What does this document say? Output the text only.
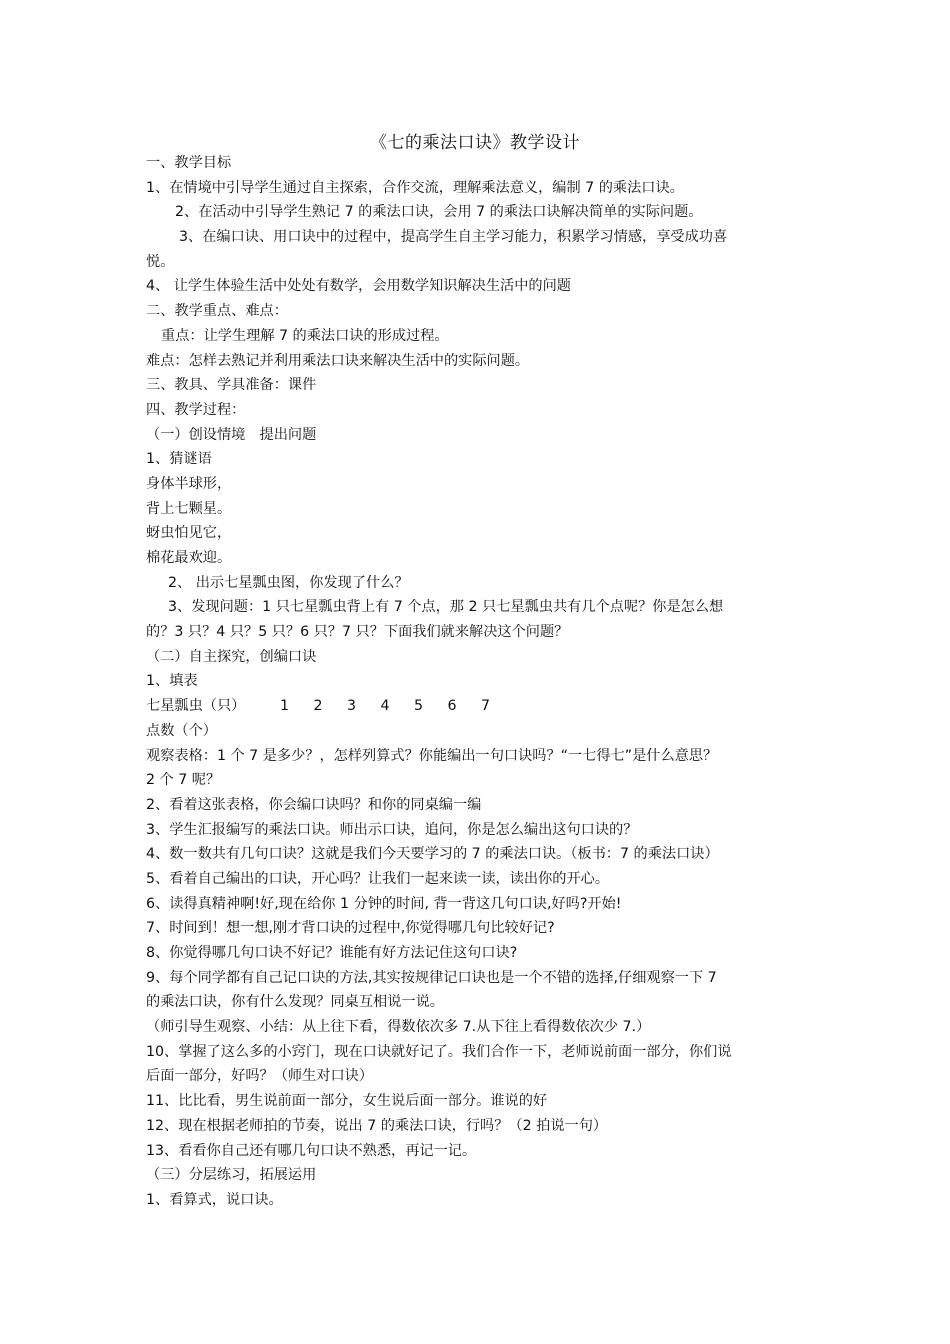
《七的乘法口诀》教学设计
一、教学目标
1、在情境中引导学生通过自主探索，合作交流，理解乘法意义，编制 7 的乘法口诀。
2、在活动中引导学生熟记 7 的乘法口诀，会用 7 的乘法口诀解决简单的实际问题。
3、在编口诀、用口诀中的过程中，提高学生自主学习能力，积累学习情感，享受成功喜
悦。
4、 让学生体验生活中处处有数学，会用数学知识解决生活中的问题
二、教学重点、难点：
重点：让学生理解 7 的乘法口诀的形成过程。
难点：怎样去熟记并利用乘法口诀来解决生活中的实际问题。
三、教具、学具准备：课件
四、教学过程：
（一）创设情境　提出问题
1、猜谜语
身体半球形，
背上七颗星。
蚜虫怕见它，
棉花最欢迎。
2、 出示七星瓢虫图，你发现了什么？
3、发现问题：1 只七星瓢虫背上有 7 个点，那 2 只七星瓢虫共有几个点呢？你是怎么想
的？3 只？4 只？5 只？6 只？7 只？下面我们就来解决这个问题？
（二）自主探究，创编口诀
1、填表
七星瓢虫（只）	1	2	3	4	5	6	7
点数（个）
观察表格：1 个 7 是多少？，怎样列算式？你能编出一句口诀吗？“一七得七”是什么意思？
2 个 7 呢？
2、看着这张表格，你会编口诀吗？和你的同桌编一编
3、学生汇报编写的乘法口诀。师出示口诀，追问，你是怎么编出这句口诀的？
4、数一数共有几句口诀？这就是我们今天要学习的 7 的乘法口诀。（板书：7 的乘法口诀）
5、看着自己编出的口诀，开心吗？让我们一起来读一读，读出你的开心。
6、读得真精神啊!好,现在给你 1 分钟的时间, 背一背这几句口诀,好吗?开始!
7、时间到！想一想,刚才背口诀的过程中,你觉得哪几句比较好记?
8、你觉得哪几句口诀不好记？谁能有好方法记住这句口诀?
9、每个同学都有自己记口诀的方法,其实按规律记口诀也是一个不错的选择,仔细观察一下 7
的乘法口诀，你有什么发现？同桌互相说一说。
（师引导生观察、小结：从上往下看，得数依次多 7.从下往上看得数依次少 7.）
10、掌握了这么多的小窍门，现在口诀就好记了。我们合作一下，老师说前面一部分，你们说
后面一部分，好吗？（师生对口诀）
11、比比看，男生说前面一部分，女生说后面一部分。谁说的好
12、现在根据老师拍的节奏，说出 7 的乘法口诀，行吗？（2 拍说一句）
13、看看你自己还有哪几句口诀不熟悉，再记一记。
（三）分层练习，拓展运用
1、看算式，说口诀。
